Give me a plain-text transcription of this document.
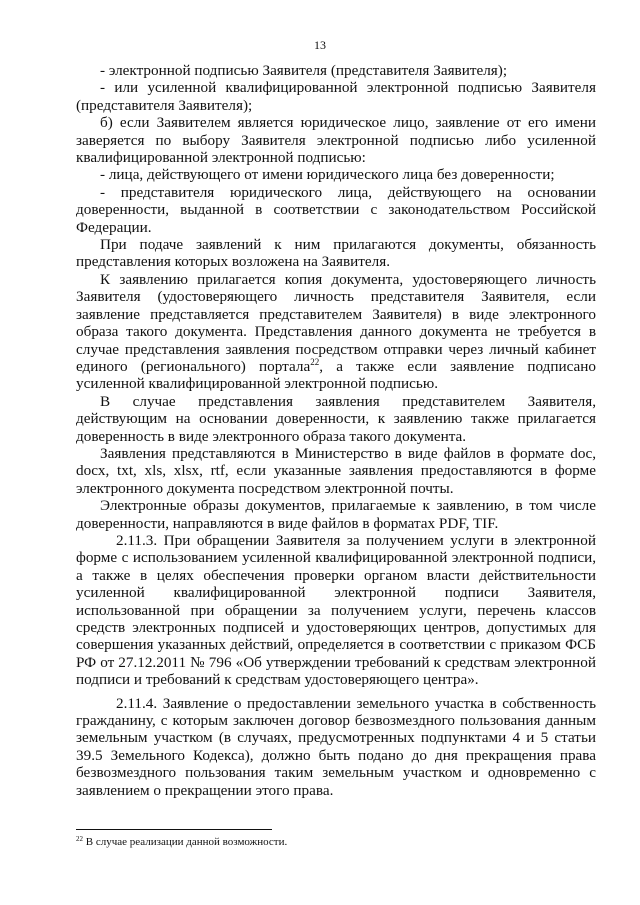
13

- электронной подписью Заявителя (представителя Заявителя);

- или усиленной квалифицированной электронной подписью Заявителя (представителя Заявителя);

б) если Заявителем является юридическое лицо, заявление от его имени заверяется по выбору Заявителя электронной подписью либо усиленной квалифицированной электронной подписью:

- лица, действующего от имени юридического лица без доверенности;

- представителя юридического лица, действующего на основании доверенности, выданной в соответствии с законодательством Российской Федерации.

При подаче заявлений к ним прилагаются документы, обязанность представления которых возложена на Заявителя.

К заявлению прилагается копия документа, удостоверяющего личность Заявителя (удостоверяющего личность представителя Заявителя, если заявление представляется представителем Заявителя) в виде электронного образа такого документа. Представления данного документа не требуется в случае представления заявления посредством отправки через личный кабинет единого (регионального) портала$^{22}$, а также если заявление подписано усиленной квалифицированной электронной подписью.

В случае представления заявления представителем Заявителя, действующим на основании доверенности, к заявлению также прилагается доверенность в виде электронного образа такого документа.

Заявления представляются в Министерство в виде файлов в формате doc, docx, txt, xls, xlsx, rtf, если указанные заявления предоставляются в форме электронного документа посредством электронной почты.

Электронные образы документов, прилагаемые к заявлению, в том числе доверенности, направляются в виде файлов в форматах PDF, TIF.

2.11.3. При обращении Заявителя за получением услуги в электронной форме с использованием усиленной квалифицированной электронной подписи, а также в целях обеспечения проверки органом власти действительности усиленной квалифицированной электронной подписи Заявителя, использованной при обращении за получением услуги, перечень классов средств электронных подписей и удостоверяющих центров, допустимых для совершения указанных действий, определяется в соответствии с приказом ФСБ РФ от 27.12.2011 № 796 «Об утверждении требований к средствам электронной подписи и требований к средствам удостоверяющего центра».

2.11.4. Заявление о предоставлении земельного участка в собственность гражданину, с которым заключен договор безвозмездного пользования данным земельным участком (в случаях, предусмотренных подпунктами 4 и 5 статьи 39.5 Земельного Кодекса), должно быть подано до дня прекращения права безвозмездного пользования таким земельным участком и одновременно с заявлением о прекращении этого права.

$^{22}$ В случае реализации данной возможности.
